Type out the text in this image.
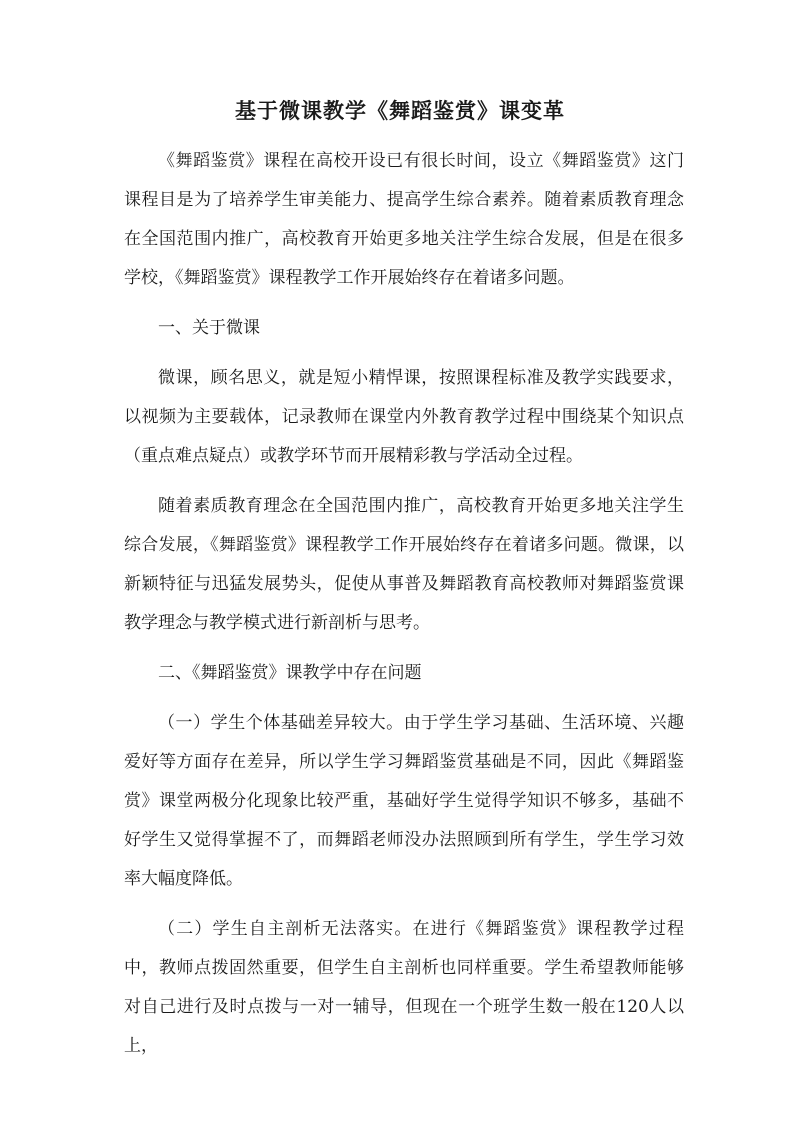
基于微课教学《舞蹈鉴赏》课变革

《舞蹈鉴赏》课程在高校开设已有很长时间，设立《舞蹈鉴赏》这门课程目是为了培养学生审美能力、提高学生综合素养。随着素质教育理念在全国范围内推广，高校教育开始更多地关注学生综合发展，但是在很多学校，《舞蹈鉴赏》课程教学工作开展始终存在着诸多问题。

一、关于微课

微课，顾名思义，就是短小精悍课，按照课程标准及教学实践要求，以视频为主要载体，记录教师在课堂内外教育教学过程中围绕某个知识点（重点难点疑点）或教学环节而开展精彩教与学活动全过程。

随着素质教育理念在全国范围内推广，高校教育开始更多地关注学生综合发展，《舞蹈鉴赏》课程教学工作开展始终存在着诸多问题。微课，以新颖特征与迅猛发展势头，促使从事普及舞蹈教育高校教师对舞蹈鉴赏课教学理念与教学模式进行新剖析与思考。

二、《舞蹈鉴赏》课教学中存在问题

（一）学生个体基础差异较大。由于学生学习基础、生活环境、兴趣爱好等方面存在差异，所以学生学习舞蹈鉴赏基础是不同，因此《舞蹈鉴赏》课堂两极分化现象比较严重，基础好学生觉得学知识不够多，基础不好学生又觉得掌握不了，而舞蹈老师没办法照顾到所有学生，学生学习效率大幅度降低。

（二）学生自主剖析无法落实。在进行《舞蹈鉴赏》课程教学过程中，教师点拨固然重要，但学生自主剖析也同样重要。学生希望教师能够对自己进行及时点拨与一对一辅导，但现在一个班学生数一般在120人以上，
